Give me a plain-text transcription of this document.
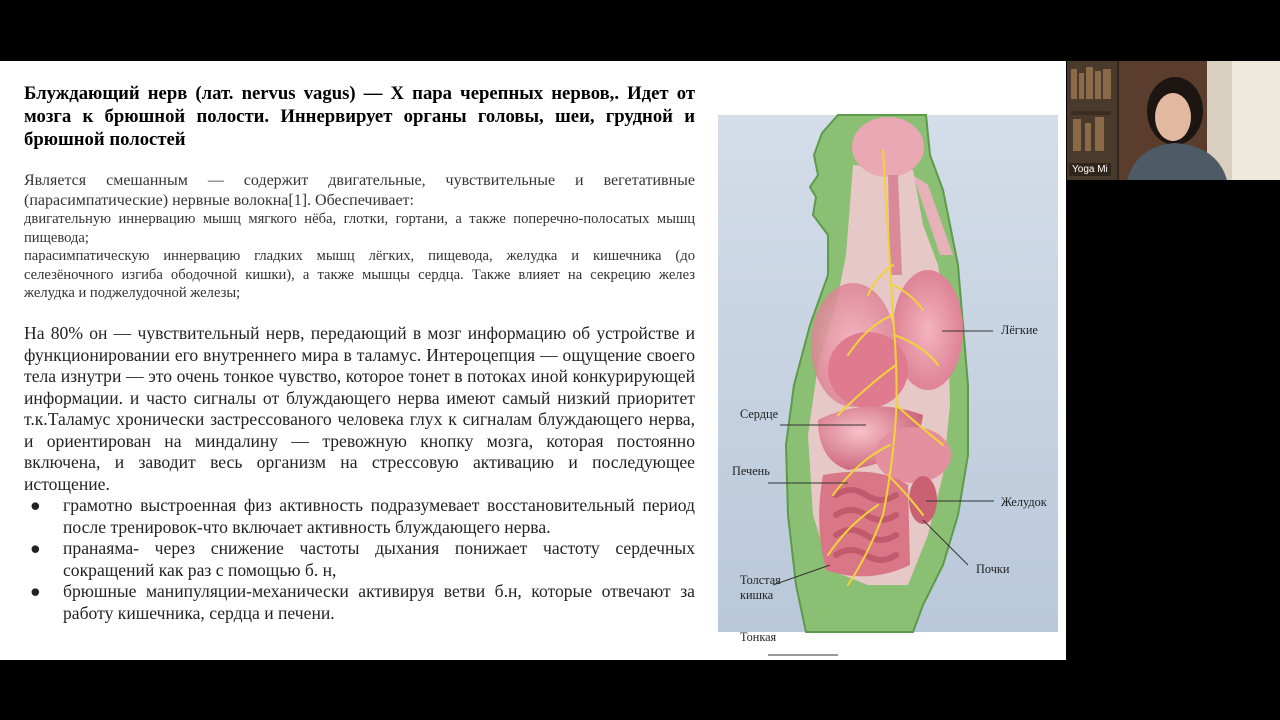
Блуждающий нерв (лат. nervus vagus) — X пара черепных нервов,. Идет от мозга к брюшной полости. Иннервирует органы головы, шеи, грудной и брюшной полостей

Является смешанным — содержит двигательные, чувствительные и вегетативные (парасимпатические) нервные волокна[1]. Обеспечивает:

двигательную иннервацию мышц мягкого нёба, глотки, гортани, а также поперечно-полосатых мышц пищевода;

парасимпатическую иннервацию гладких мышц лёгких, пищевода, желудка и кишечника (до селезёночного изгиба ободочной кишки), а также мышцы сердца. Также влияет на секрецию желез желудка и поджелудочной железы;

На 80% он — чувствительный нерв, передающий в мозг информацию об устройстве и функционировании его внутреннего мира в таламус. Интероцепция — ощущение своего тела изнутри — это очень тонкое чувство, которое тонет в потоках иной конкурирующей информации. и часто сигналы от блуждающего нерва имеют самый низкий приоритет т.к.Таламус хронически застрессованого человека глух к сигналам блуждающего нерва, и ориентирован на миндалину — тревожную кнопку мозга, которая постоянно включена, и заводит весь организм на стрессовую активацию и последующее истощение.

● грамотно выстроенная физ активность подразумевает восстановительный период после тренировок-что включает активность блуждающего нерва.

● пранаяма- через снижение частоты дыхания понижает частоту сердечных сокращений как раз с помощью б. н,

● брюшные манипуляции-механически активируя ветви б.н, которые отвечают за работу кишечника, сердца и печени.

Лёгкие
Сердце
Печень
Желудок
Почки
Толстая
кишка
Тонкая
Yoga Mi
